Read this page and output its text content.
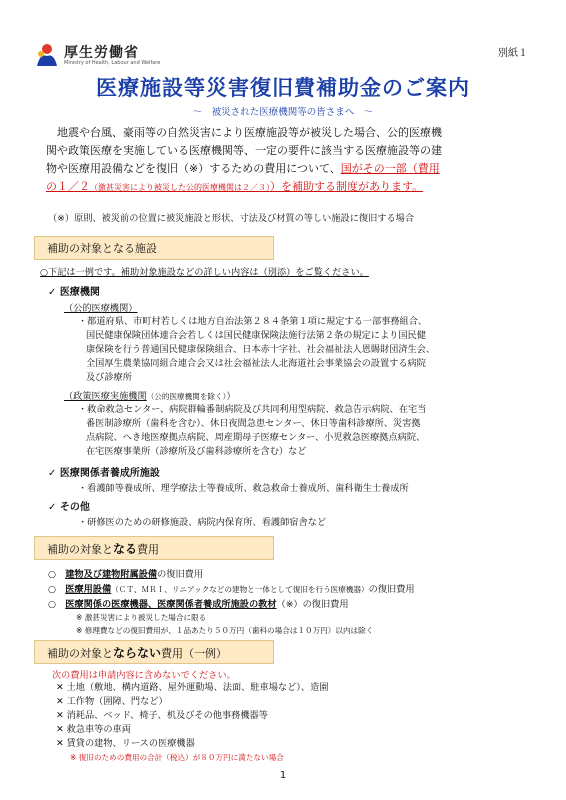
厚生労働省
Ministry of Health, Labour and Welfare
別紙１
医療施設等災害復旧費補助金のご案内
～　被災された医療機関等の皆さまへ　～
　地震や台風、豪雨等の自然災害により医療施設等が被災した場合、公的医療機
関や政策医療を実施している医療機関等、一定の要件に該当する医療施設等の建
物や医療用設備などを復旧（※）するための費用について、国がその一部（費用
の１／２（激甚災害により被災した公的医療機関は２／３））を補助する制度があります。
（※）原則、被災前の位置に被災施設と形状、寸法及び材質の等しい施設に復旧する場合
補助の対象となる施設
○下記は一例です。補助対象施設などの詳しい内容は（別添）をご覧ください。
✓ 医療機関
（公的医療機関）
・都道府県、市町村若しくは地方自治法第２８４条第１項に規定する一部事務組合、
国民健康保険団体連合会若しくは国民健康保険法施行法第２条の規定により国民健
康保険を行う普通国民健康保険組合、日本赤十字社、社会福祉法人恩賜財団済生会、
全国厚生農業協同組合連合会又は社会福祉法人北海道社会事業協会の設置する病院
及び診療所
（政策医療実施機関（公的医療機関を除く））
・救命救急センター、病院群輪番制病院及び共同利用型病院、救急告示病院、在宅当
番医制診療所（歯科を含む）、休日夜間急患センター、休日等歯科診療所、災害拠
点病院、へき地医療拠点病院、周産期母子医療センター、小児救急医療拠点病院、
在宅医療事業所（診療所及び歯科診療所を含む）など
✓ 医療関係者養成所施設
・看護師等養成所、理学療法士等養成所、救急救命士養成所、歯科衛生士養成所
✓ その他
・研修医のための研修施設、病院内保育所、看護師宿舎など
補助の対象となる費用
○　 建物及び建物附属設備の復旧費用
○　 医療用設備（ＣＴ、ＭＲＩ、リニアックなどの建物と一体として復旧を行う医療機器）の復旧費用
○　 医療関係の医療機器、医療関係者養成所施設の教材（※）の復旧費用
※ 激甚災害により被災した場合に限る
※ 修理費などの復旧費用が、１品あたり５０万円（歯科の場合は１０万円）以内は除く
補助の対象とならない費用（一例）
次の費用は申請内容に含めないでください。
✕ 土地（敷地、構内道路、屋外運動場、法面、駐車場など）、造園
✕ 工作物（囲障、門など）
✕ 消耗品、ベッド、椅子、机及びその他事務機器等
✕ 救急車等の車両
✕ 賃貸の建物、リースの医療機器
※ 復旧のための費用の合計（税込）が８０万円に満たない場合
1
